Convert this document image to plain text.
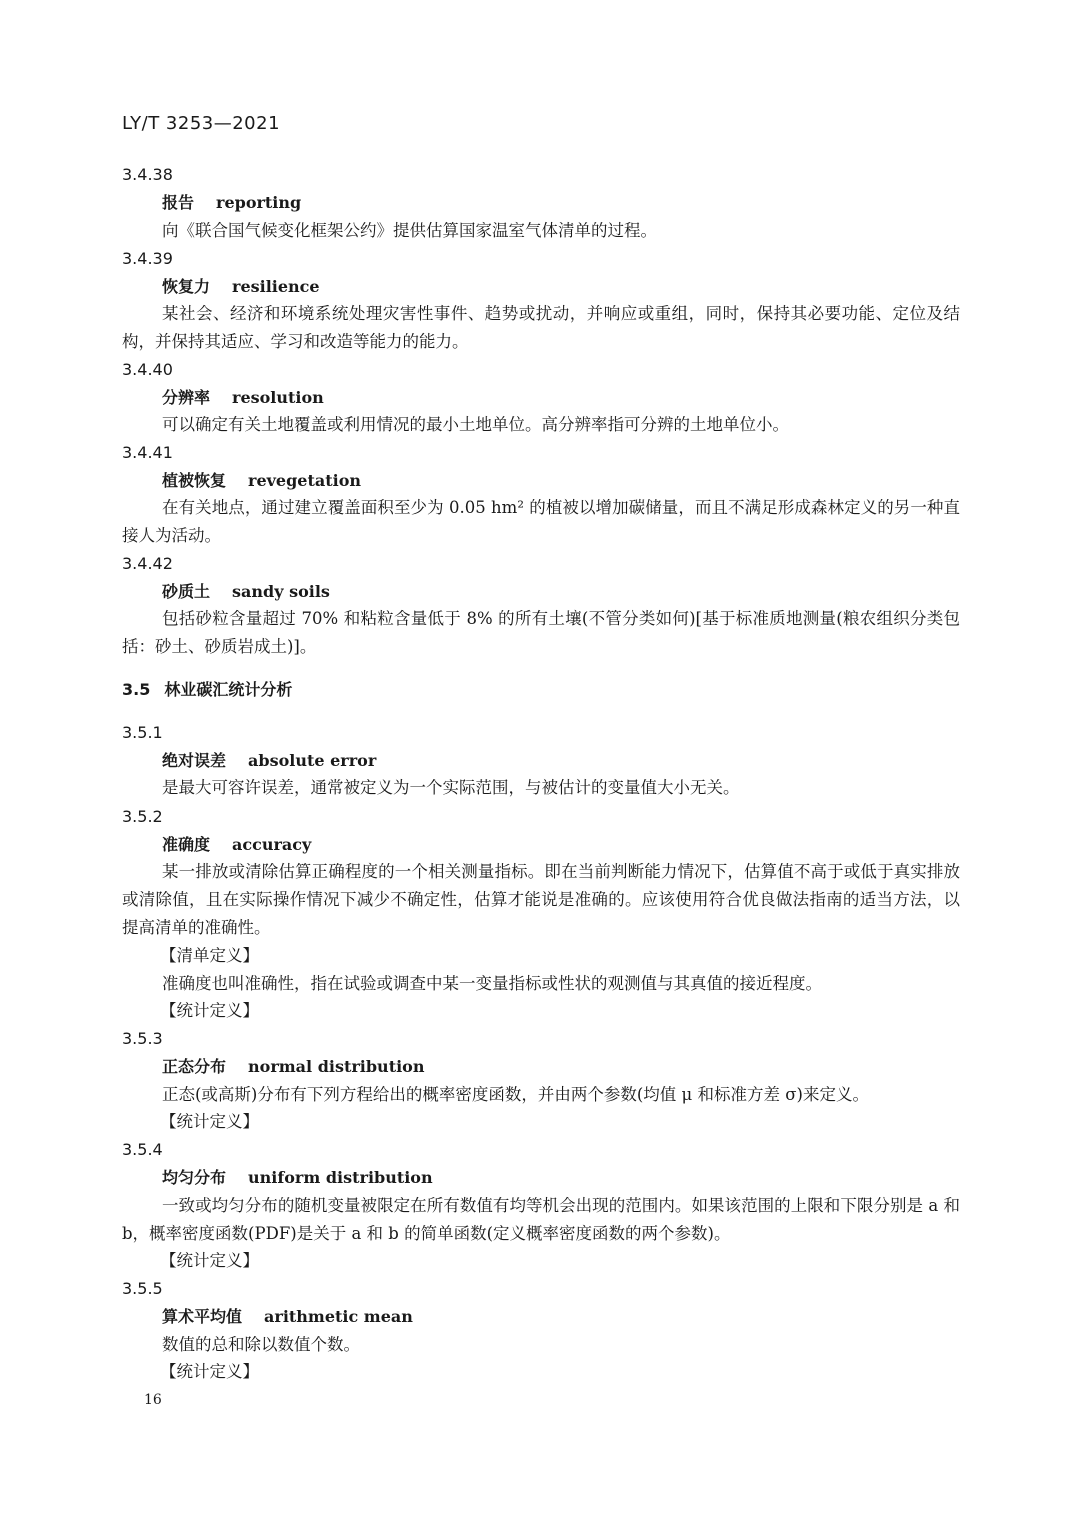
LY/T 3253—2021
3.4.38
报告 reporting
向《联合国气候变化框架公约》提供估算国家温室气体清单的过程。
3.4.39
恢复力 resilience
某社会、经济和环境系统处理灾害性事件、趋势或扰动，并响应或重组，同时，保持其必要功能、定位及结构，并保持其适应、学习和改造等能力的能力。
3.4.40
分辨率 resolution
可以确定有关土地覆盖或利用情况的最小土地单位。高分辨率指可分辨的土地单位小。
3.4.41
植被恢复 revegetation
在有关地点，通过建立覆盖面积至少为 0.05 hm² 的植被以增加碳储量，而且不满足形成森林定义的另一种直接人为活动。
3.4.42
砂质土 sandy soils
包括砂粒含量超过 70% 和粘粒含量低于 8% 的所有土壤(不管分类如何)[基于标准质地测量(粮农组织分类包括：砂土、砂质岩成土)]。
3.5 林业碳汇统计分析
3.5.1
绝对误差 absolute error
是最大可容许误差，通常被定义为一个实际范围，与被估计的变量值大小无关。
3.5.2
准确度 accuracy
某一排放或清除估算正确程度的一个相关测量指标。即在当前判断能力情况下，估算值不高于或低于真实排放或清除值，且在实际操作情况下减少不确定性，估算才能说是准确的。应该使用符合优良做法指南的适当方法，以提高清单的准确性。
【清单定义】
准确度也叫准确性，指在试验或调查中某一变量指标或性状的观测值与其真值的接近程度。
【统计定义】
3.5.3
正态分布 normal distribution
正态(或高斯)分布有下列方程给出的概率密度函数，并由两个参数(均值 μ 和标准方差 σ)来定义。
【统计定义】
3.5.4
均匀分布 uniform distribution
一致或均匀分布的随机变量被限定在所有数值有均等机会出现的范围内。如果该范围的上限和下限分别是 a 和 b，概率密度函数(PDF)是关于 a 和 b 的简单函数(定义概率密度函数的两个参数)。
【统计定义】
3.5.5
算术平均值 arithmetic mean
数值的总和除以数值个数。
【统计定义】
16
